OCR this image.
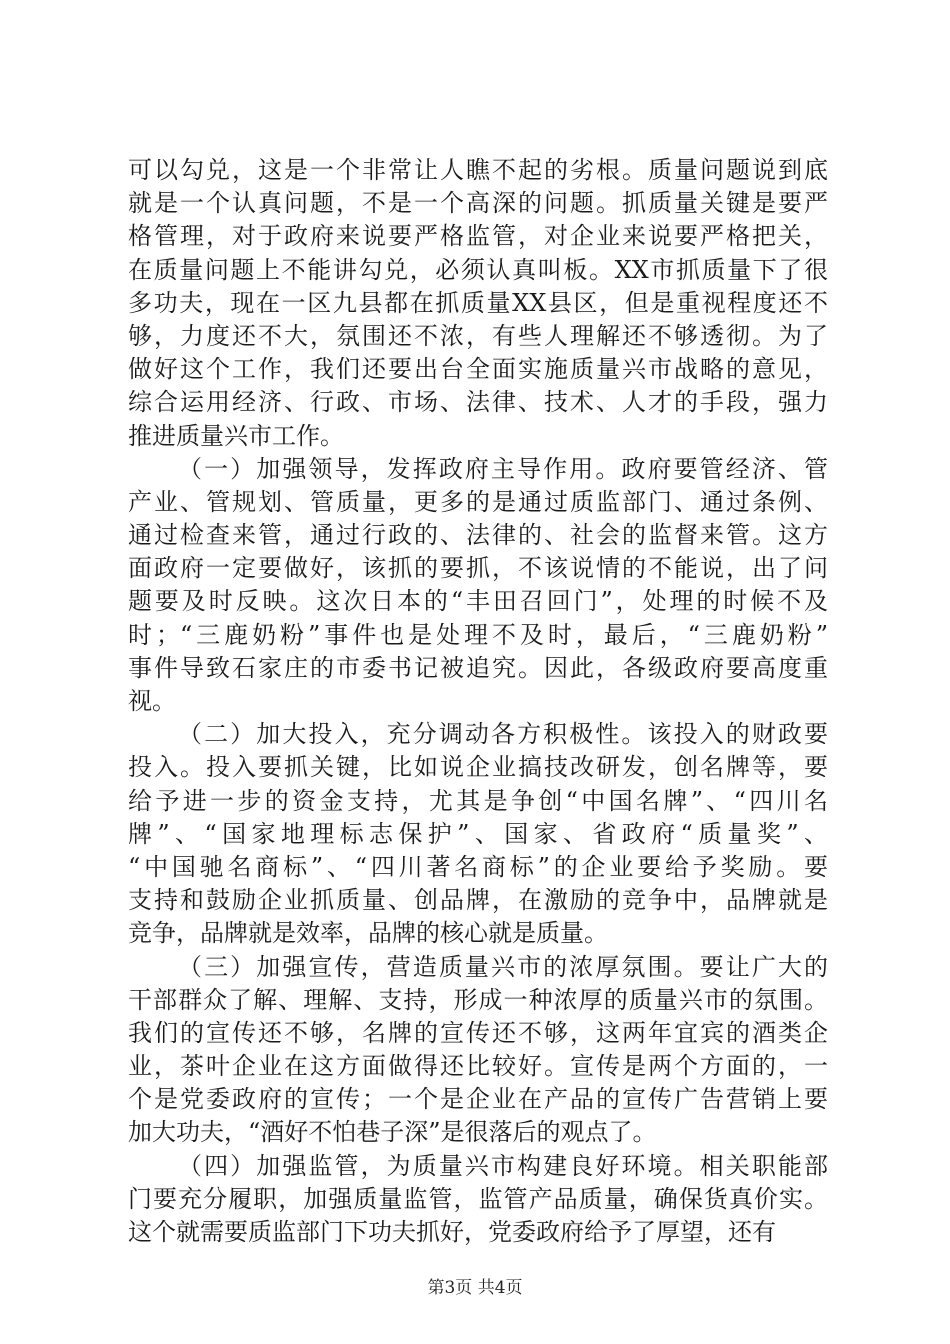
可以勾兑，这是一个非常让人瞧不起的劣根。质量问题说到底
就是一个认真问题，不是一个高深的问题。抓质量关键是要严
格管理，对于政府来说要严格监管，对企业来说要严格把关，
在质量问题上不能讲勾兑，必须认真叫板。XX市抓质量下了很
多功夫，现在一区九县都在抓质量XX县区，但是重视程度还不
够，力度还不大，氛围还不浓，有些人理解还不够透彻。为了
做好这个工作，我们还要出台全面实施质量兴市战略的意见，
综合运用经济、行政、市场、法律、技术、人才的手段，强力
推进质量兴市工作。
（一）加强领导，发挥政府主导作用。政府要管经济、管
产业、管规划、管质量，更多的是通过质监部门、通过条例、
通过检查来管，通过行政的、法律的、社会的监督来管。这方
面政府一定要做好，该抓的要抓，不该说情的不能说，出了问
题要及时反映。这次日本的“丰田召回门”，处理的时候不及
时；“三鹿奶粉”事件也是处理不及时，最后，“三鹿奶粉”
事件导致石家庄的市委书记被追究。因此，各级政府要高度重
视。
（二）加大投入，充分调动各方积极性。该投入的财政要
投入。投入要抓关键，比如说企业搞技改研发，创名牌等，要
给予进一步的资金支持，尤其是争创“中国名牌”、“四川名
牌”、“国家地理标志保护”、国家、省政府“质量奖”、
“中国驰名商标”、“四川著名商标”的企业要给予奖励。要
支持和鼓励企业抓质量、创品牌，在激励的竞争中，品牌就是
竞争，品牌就是效率，品牌的核心就是质量。
（三）加强宣传，营造质量兴市的浓厚氛围。要让广大的
干部群众了解、理解、支持，形成一种浓厚的质量兴市的氛围。
我们的宣传还不够，名牌的宣传还不够，这两年宜宾的酒类企
业，茶叶企业在这方面做得还比较好。宣传是两个方面的，一
个是党委政府的宣传；一个是企业在产品的宣传广告营销上要
加大功夫，“酒好不怕巷子深”是很落后的观点了。
（四）加强监管，为质量兴市构建良好环境。相关职能部
门要充分履职，加强质量监管，监管产品质量，确保货真价实。
这个就需要质监部门下功夫抓好，党委政府给予了厚望，还有
第3页 共4页
